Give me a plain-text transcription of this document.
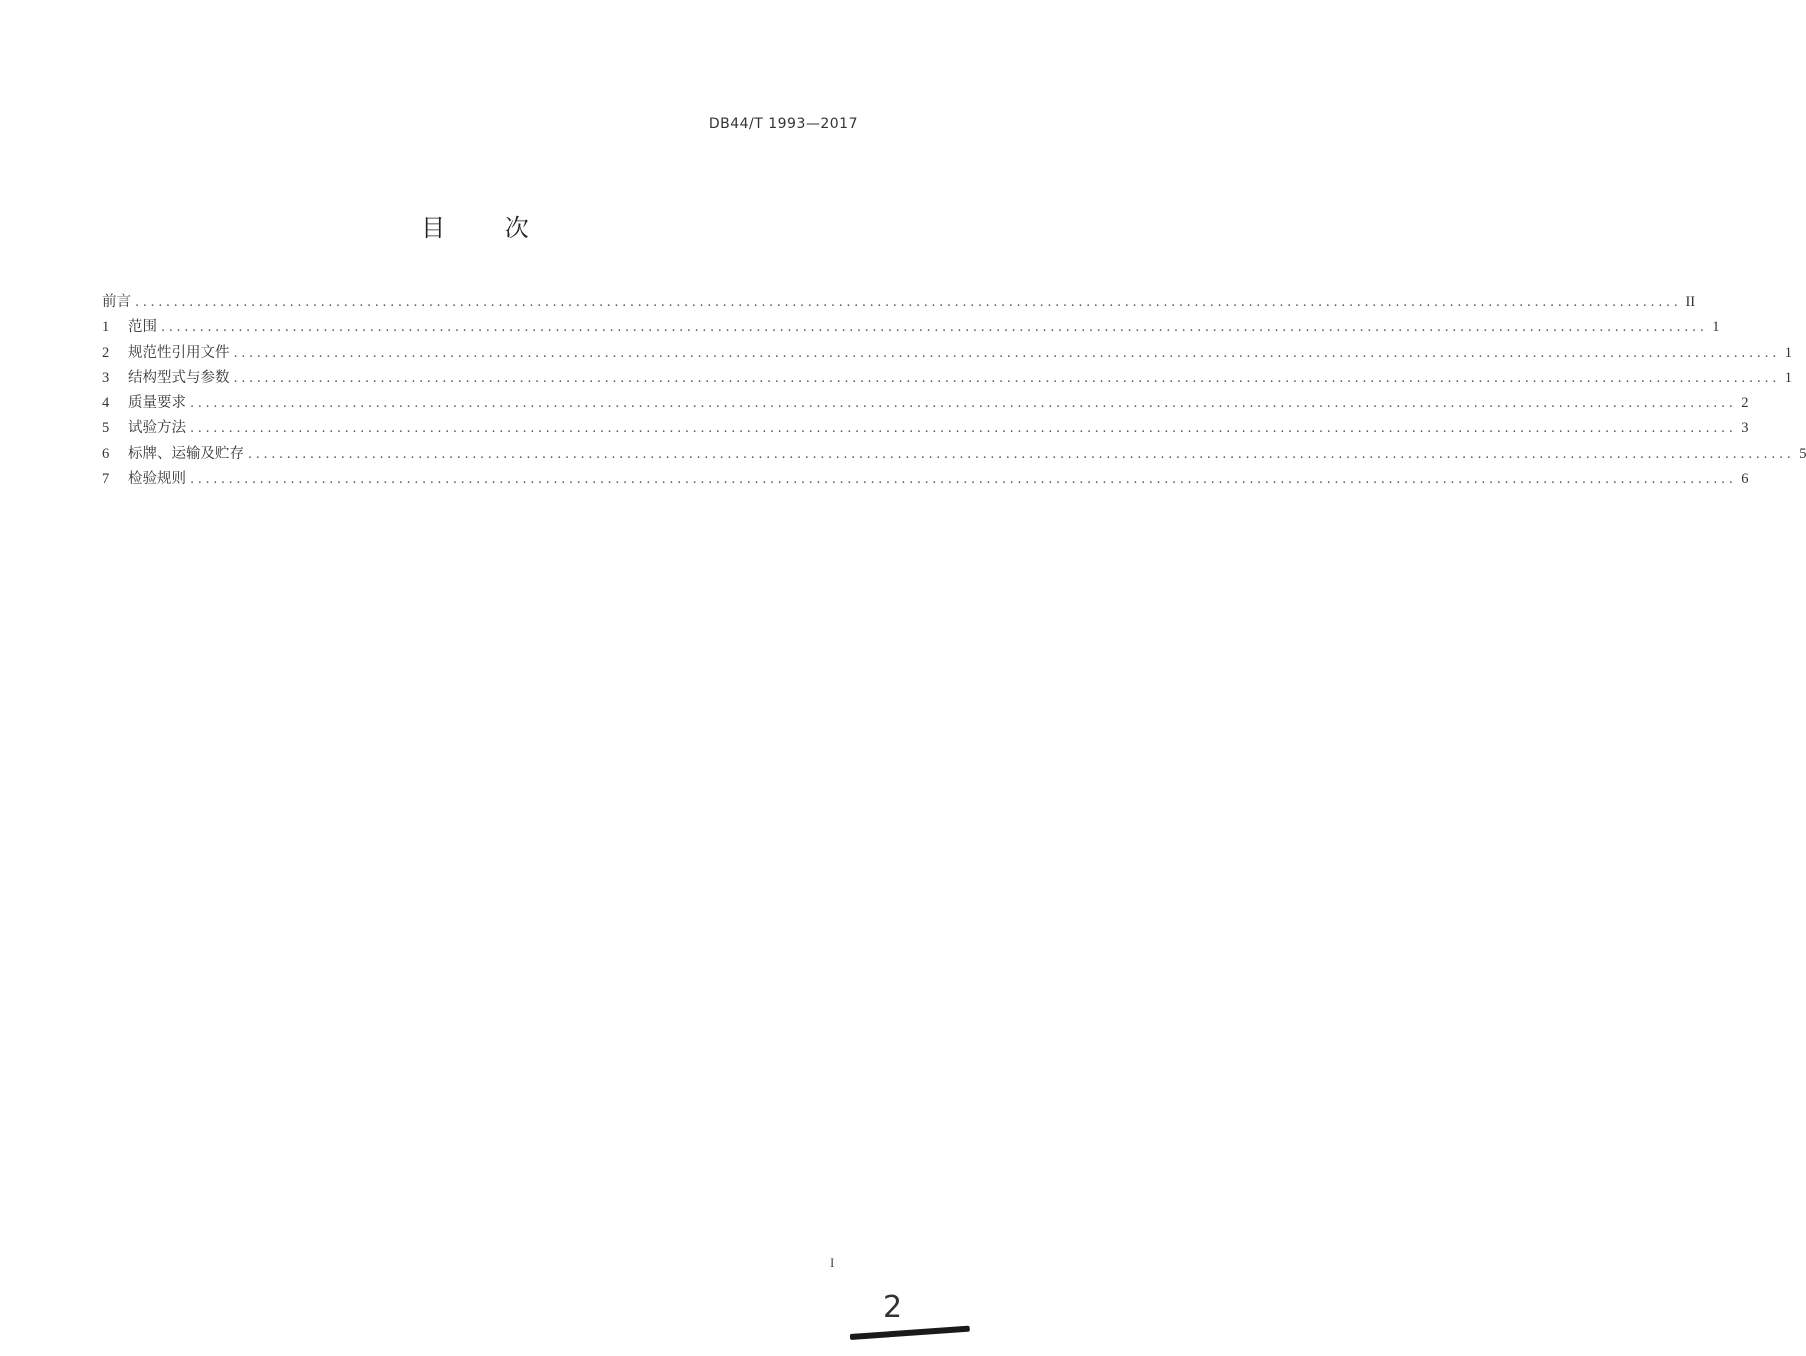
DB44/T 1993—2017
目 次
前言 ........................................................................................................................................................................................................ II
1	范围 ........................................................................................................................................................................................................ 1
2	规范性引用文件 ........................................................................................................................................................................................................ 1
3	结构型式与参数 ........................................................................................................................................................................................................ 1
4	质量要求 ........................................................................................................................................................................................................ 2
5	试验方法 ........................................................................................................................................................................................................ 3
6	标牌、运输及贮存 ........................................................................................................................................................................................................ 5
7	检验规则 ........................................................................................................................................................................................................ 6
I
2
